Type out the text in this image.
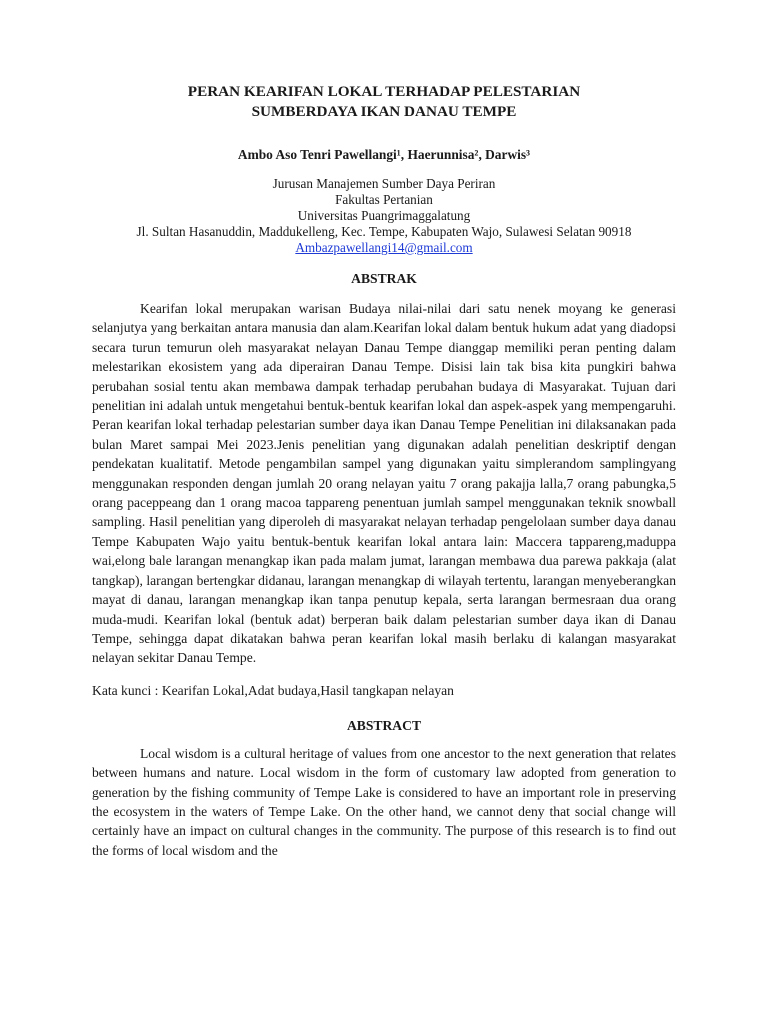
PERAN KEARIFAN LOKAL TERHADAP PELESTARIAN
SUMBERDAYA IKAN DANAU TEMPE
Ambo Aso Tenri Pawellangi¹, Haerunnisa², Darwis³
Jurusan Manajemen Sumber Daya Periran
Fakultas Pertanian
Universitas Puangrimaggalatung
Jl. Sultan Hasanuddin, Maddukelleng, Kec. Tempe, Kabupaten Wajo, Sulawesi Selatan 90918
Ambazpawellangi14@gmail.com
ABSTRAK

Kearifan lokal merupakan warisan Budaya nilai-nilai dari satu nenek moyang ke generasi selanjutya yang berkaitan antara manusia dan alam.Kearifan lokal dalam bentuk hukum adat yang diadopsi secara turun temurun oleh masyarakat nelayan Danau Tempe dianggap memiliki peran penting dalam melestarikan ekosistem yang ada diperairan Danau Tempe. Disisi lain tak bisa kita pungkiri bahwa perubahan sosial tentu akan membawa dampak terhadap perubahan budaya di Masyarakat. Tujuan dari penelitian ini adalah untuk mengetahui bentuk-bentuk kearifan lokal dan aspek-aspek yang mempengaruhi. Peran kearifan lokal terhadap pelestarian sumber daya ikan Danau Tempe Penelitian ini dilaksanakan pada bulan Maret sampai Mei 2023.Jenis penelitian yang digunakan adalah penelitian deskriptif dengan pendekatan kualitatif. Metode pengambilan sampel yang digunakan yaitu simplerandom samplingyang menggunakan responden dengan jumlah 20 orang nelayan yaitu 7 orang pakajja lalla,7 orang pabungka,5 orang paceppeang dan 1 orang macoa tappareng penentuan jumlah sampel menggunakan teknik snowball sampling. Hasil penelitian yang diperoleh di masyarakat nelayan terhadap pengelolaan sumber daya danau Tempe Kabupaten Wajo yaitu bentuk-bentuk kearifan lokal antara lain: Maccera tappareng,maduppa wai,elong bale larangan menangkap ikan pada malam jumat, larangan membawa dua parewa pakkaja (alat tangkap), larangan bertengkar didanau, larangan menangkap di wilayah tertentu, larangan menyeberangkan mayat di danau, larangan menangkap ikan tanpa penutup kepala, serta larangan bermesraan dua orang muda-mudi. Kearifan lokal (bentuk adat) berperan baik dalam pelestarian sumber daya ikan di Danau Tempe, sehingga dapat dikatakan bahwa peran kearifan lokal masih berlaku di kalangan masyarakat nelayan sekitar Danau Tempe.

Kata kunci : Kearifan Lokal,Adat budaya,Hasil tangkapan nelayan
ABSTRACT

Local wisdom is a cultural heritage of values from one ancestor to the next generation that relates between humans and nature. Local wisdom in the form of customary law adopted from generation to generation by the fishing community of Tempe Lake is considered to have an important role in preserving the ecosystem in the waters of Tempe Lake. On the other hand, we cannot deny that social change will certainly have an impact on cultural changes in the community. The purpose of this research is to find out the forms of local wisdom and the
